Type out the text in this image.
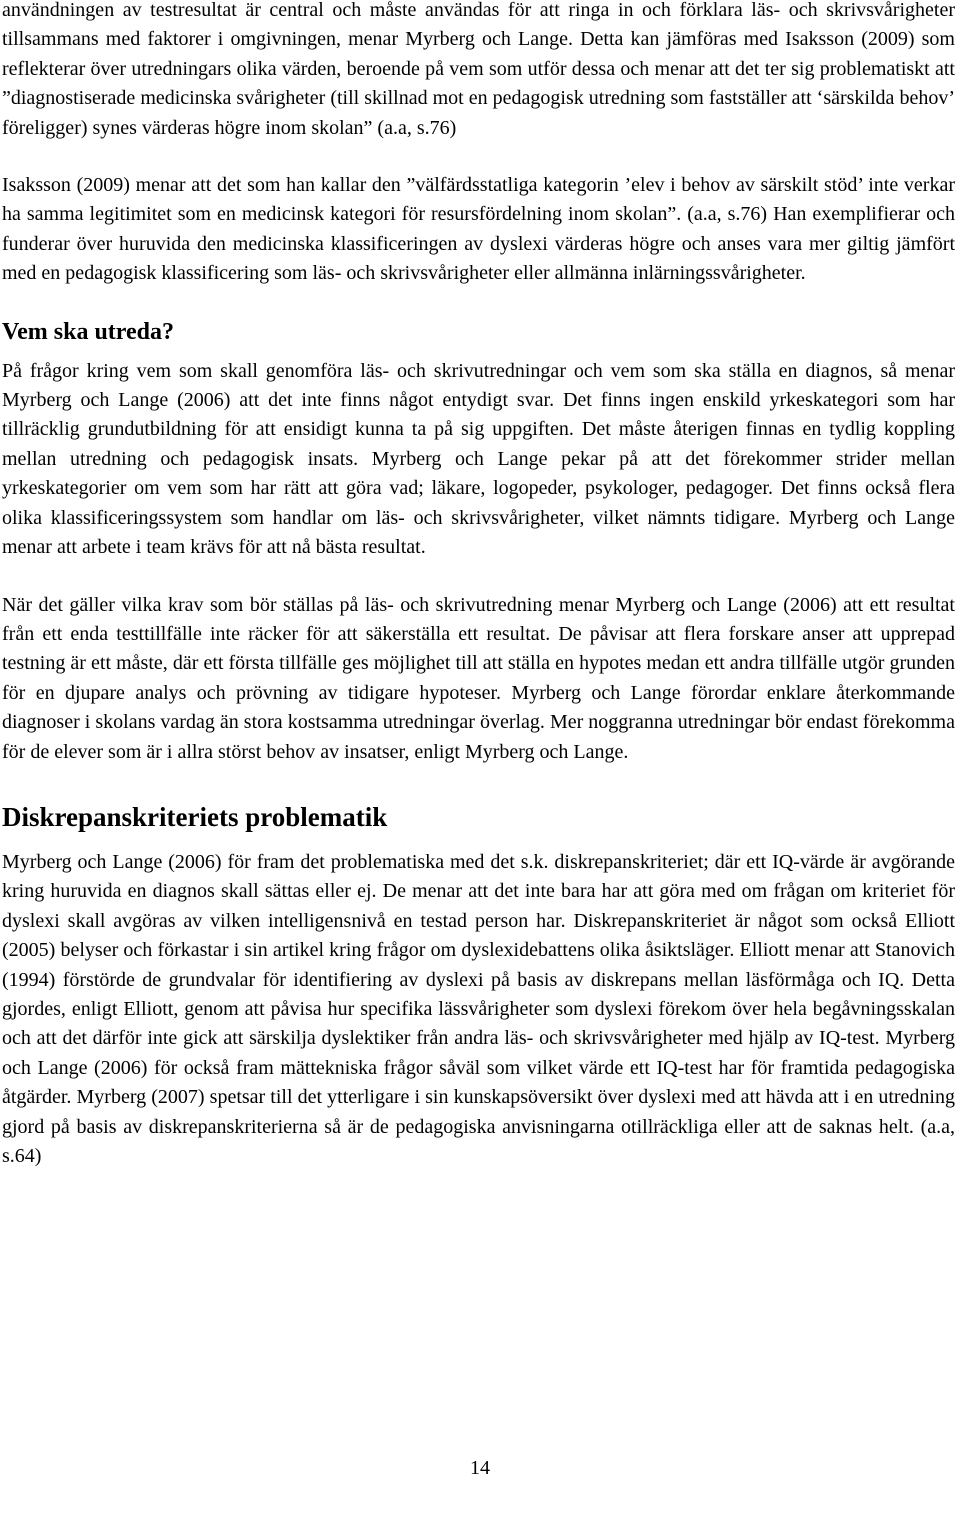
användningen av testresultat är central och måste användas för att ringa in och förklara läs- och skrivsvårigheter tillsammans med faktorer i omgivningen, menar Myrberg och Lange. Detta kan jämföras med Isaksson (2009) som reflekterar över utredningars olika värden, beroende på vem som utför dessa och menar att det ter sig problematiskt att ”diagnostiserade medicinska svårigheter (till skillnad mot en pedagogisk utredning som fastställer att ‘särskilda behov’ föreligger) synes värderas högre inom skolan” (a.a, s.76)

Isaksson (2009) menar att det som han kallar den ”välfärdsstatliga kategorin ’elev i behov av särskilt stöd’ inte verkar ha samma legitimitet som en medicinsk kategori för resursfördelning inom skolan”. (a.a, s.76) Han exemplifierar och funderar över huruvida den medicinska klassificeringen av dyslexi värderas högre och anses vara mer giltig jämfört med en pedagogisk klassificering som läs- och skrivsvårigheter eller allmänna inlärningssvårigheter.

Vem ska utreda?

På frågor kring vem som skall genomföra läs- och skrivutredningar och vem som ska ställa en diagnos, så menar Myrberg och Lange (2006) att det inte finns något entydigt svar. Det finns ingen enskild yrkeskategori som har tillräcklig grundutbildning för att ensidigt kunna ta på sig uppgiften. Det måste återigen finnas en tydlig koppling mellan utredning och pedagogisk insats. Myrberg och Lange pekar på att det förekommer strider mellan yrkeskategorier om vem som har rätt att göra vad; läkare, logopeder, psykologer, pedagoger. Det finns också flera olika klassificeringssystem som handlar om läs- och skrivsvårigheter, vilket nämnts tidigare. Myrberg och Lange menar att arbete i team krävs för att nå bästa resultat.

När det gäller vilka krav som bör ställas på läs- och skrivutredning menar Myrberg och Lange (2006) att ett resultat från ett enda testtillfälle inte räcker för att säkerställa ett resultat. De påvisar att flera forskare anser att upprepad testning är ett måste, där ett första tillfälle ges möjlighet till att ställa en hypotes medan ett andra tillfälle utgör grunden för en djupare analys och prövning av tidigare hypoteser. Myrberg och Lange förordar enklare återkommande diagnoser i skolans vardag än stora kostsamma utredningar överlag. Mer noggranna utredningar bör endast förekomma för de elever som är i allra störst behov av insatser, enligt Myrberg och Lange.

Diskrepanskriteriets problematik

Myrberg och Lange (2006) för fram det problematiska med det s.k. diskrepanskriteriet; där ett IQ-värde är avgörande kring huruvida en diagnos skall sättas eller ej. De menar att det inte bara har att göra med om frågan om kriteriet för dyslexi skall avgöras av vilken intelligensnivå en testad person har. Diskrepanskriteriet är något som också Elliott (2005) belyser och förkastar i sin artikel kring frågor om dyslexidebattens olika åsiktsläger. Elliott menar att Stanovich (1994) förstörde de grundvalar för identifiering av dyslexi på basis av diskrepans mellan läsförmåga och IQ. Detta gjordes, enligt Elliott, genom att påvisa hur specifika lässvårigheter som dyslexi förekom över hela begåvningsskalan och att det därför inte gick att särskilja dyslektiker från andra läs- och skrivsvårigheter med hjälp av IQ-test. Myrberg och Lange (2006) för också fram mättekniska frågor såväl som vilket värde ett IQ-test har för framtida pedagogiska åtgärder. Myrberg (2007) spetsar till det ytterligare i sin kunskapsöversikt över dyslexi med att hävda att i en utredning gjord på basis av diskrepanskriterierna så är de pedagogiska anvisningarna otillräckliga eller att de saknas helt. (a.a, s.64)

14
